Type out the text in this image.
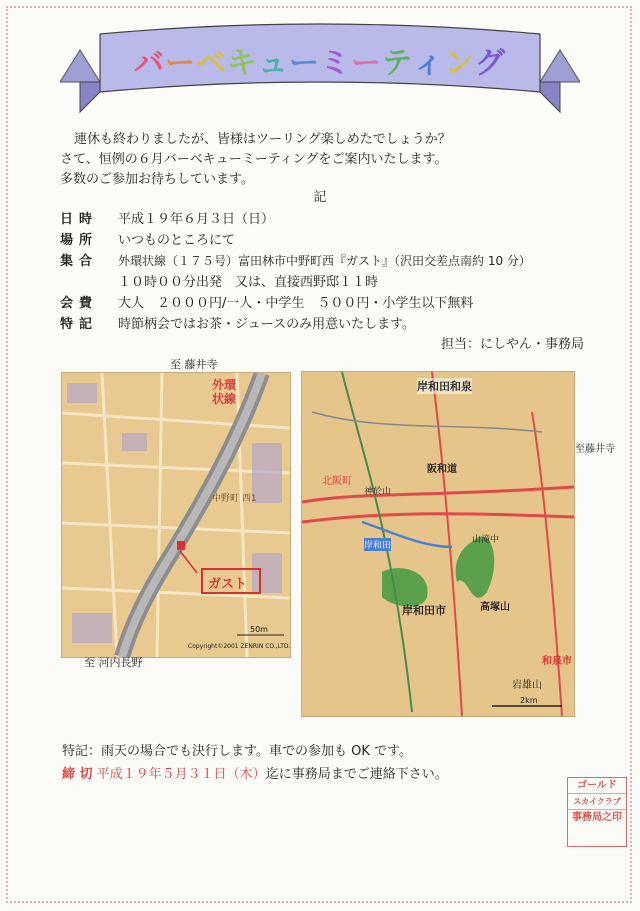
バーベキューミーティング
連休も終わりましたが、皆様はツーリング楽しめたでしょうか？
さて、恒例の６月バーベキューミーティングをご案内いたします。
多数のご参加お待ちしています。
記
日時 平成１９年６月３日（日）
場所 いつものところにて
集合 外環状線（１７５号）富田林市中野町西『ガスト』（沢田交差点南約 10 分）
１０時００分出発　又は、直接西野邸１１時
会費 大人　２０００円/一人・中学生　５００円・小学生以下無料
特記 時節柄会ではお茶・ジュースのみ用意いたします。
担当：にしやん・事務局
至 藤井寺
外環状線
ガスト
中野町 西1
50m
Copyright©2001 ZENRIN CO.,LTD.
至 河内長野
岸和田和泉
北阪町
阪和道
岸和田
岸和田市
神於山
山滝中
高塚山
和泉市
岩雄山
2km
至藤井寺
特記：雨天の場合でも決行します。車での参加も OK です。
締 切 平成１９年５月３１日（木）迄に事務局までご連絡下さい。
ゴールド
スカイクラブ
事務局之印
